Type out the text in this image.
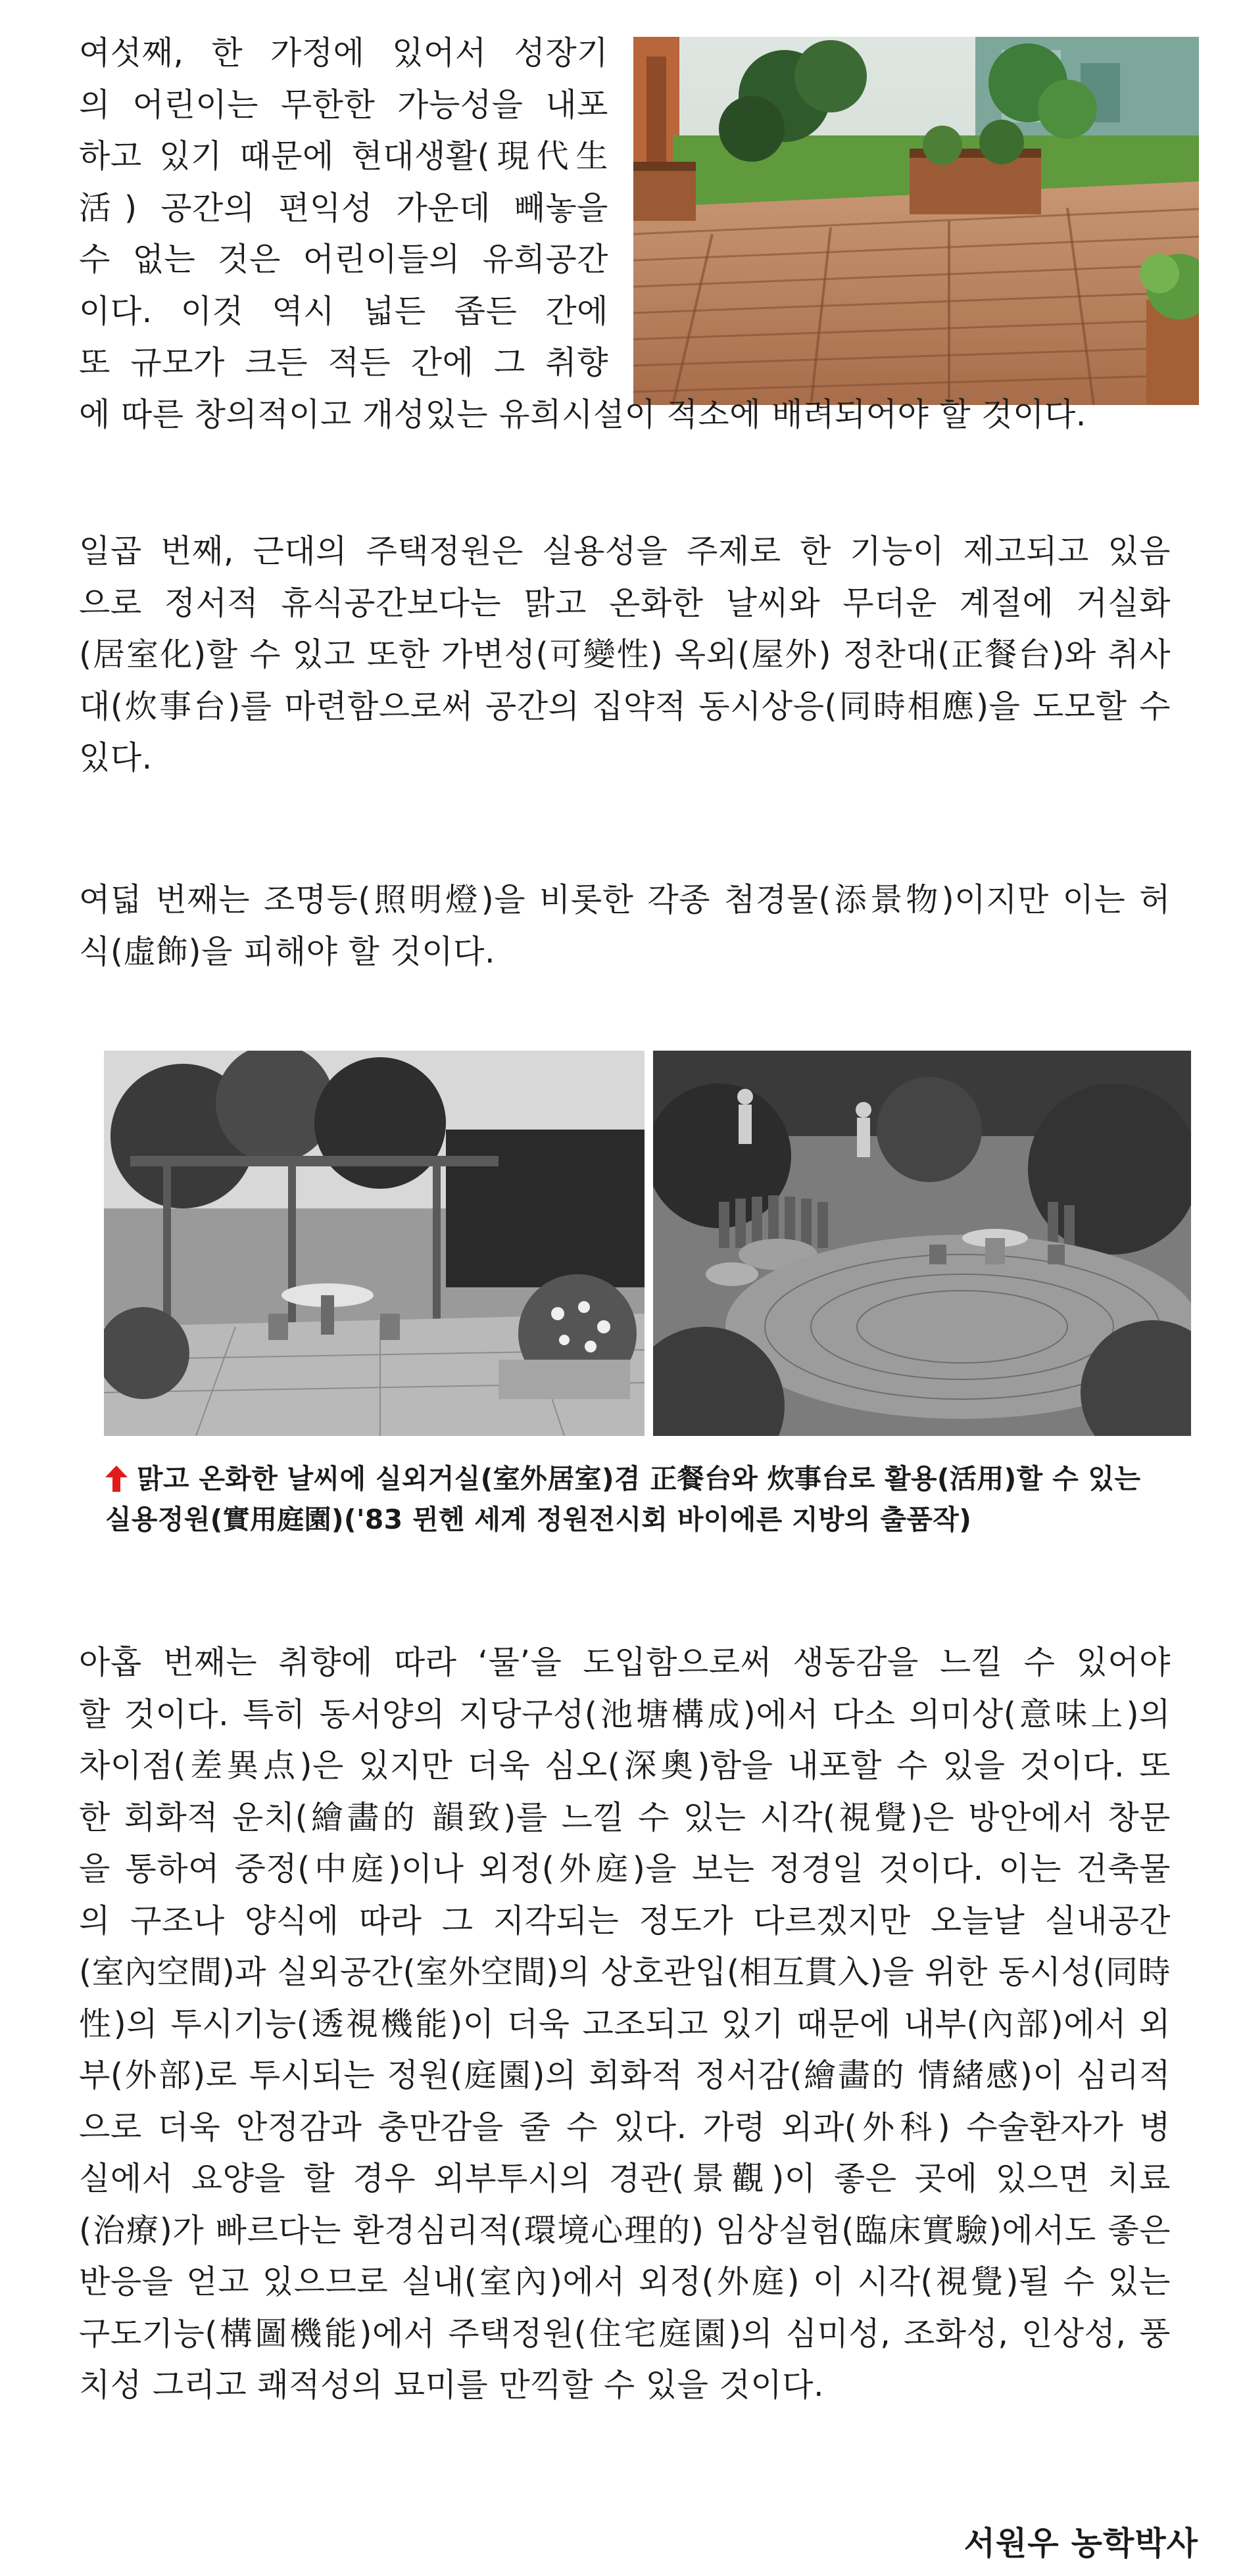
여섯째, 한 가정에 있어서 성장기
의 어린이는 무한한 가능성을 내포
하고 있기 때문에 현대생활(現代生
活) 공간의 편익성 가운데 빼놓을
수 없는 것은 어린이들의 유희공간
이다. 이것 역시 넓든 좁든 간에
또 규모가 크든 적든 간에 그 취향
에 따른 창의적이고 개성있는 유희시설이 적소에 배려되어야 할 것이다.
일곱 번째, 근대의 주택정원은 실용성을 주제로 한 기능이 제고되고 있음
으로 정서적 휴식공간보다는 맑고 온화한 날씨와 무더운 계절에 거실화
(居室化)할 수 있고 또한 가변성(可變性) 옥외(屋外) 정찬대(正餐台)와 취사
대(炊事台)를 마련함으로써 공간의 집약적 동시상응(同時相應)을 도모할 수
있다.
여덟 번째는 조명등(照明燈)을 비롯한 각종 첨경물(添景物)이지만 이는 허
식(虛飾)을 피해야 할 것이다.
맑고 온화한 날씨에 실외거실(室外居室)겸 正餐台와 炊事台로 활용(活用)할 수 있는
실용정원(實用庭園)('83 뮌헨 세계 정원전시회 바이에른 지방의 출품작)
아홉 번째는 취향에 따라 ‘물’을 도입함으로써 생동감을 느낄 수 있어야
할 것이다. 특히 동서양의 지당구성(池塘構成)에서 다소 의미상(意味上)의
차이점(差異点)은 있지만 더욱 심오(深奧)함을 내포할 수 있을 것이다. 또
한 회화적 운치(繪畵的 韻致)를 느낄 수 있는 시각(視覺)은 방안에서 창문
을 통하여 중정(中庭)이나 외정(外庭)을 보는 정경일 것이다. 이는 건축물
의 구조나 양식에 따라 그 지각되는 정도가 다르겠지만 오늘날 실내공간
(室內空間)과 실외공간(室外空間)의 상호관입(相互貫入)을 위한 동시성(同時
性)의 투시기능(透視機能)이 더욱 고조되고 있기 때문에 내부(內部)에서 외
부(外部)로 투시되는 정원(庭園)의 회화적 정서감(繪畵的 情緒感)이 심리적
으로 더욱 안정감과 충만감을 줄 수 있다. 가령 외과(外科) 수술환자가 병
실에서 요양을 할 경우 외부투시의 경관(景觀)이 좋은 곳에 있으면 치료
(治療)가 빠르다는 환경심리적(環境心理的) 임상실험(臨床實驗)에서도 좋은
반응을 얻고 있으므로 실내(室內)에서 외정(外庭) 이 시각(視覺)될 수 있는
구도기능(構圖機能)에서 주택정원(住宅庭園)의 심미성, 조화성, 인상성, 풍
치성 그리고 쾌적성의 묘미를 만끽할 수 있을 것이다.
서원우 농학박사
